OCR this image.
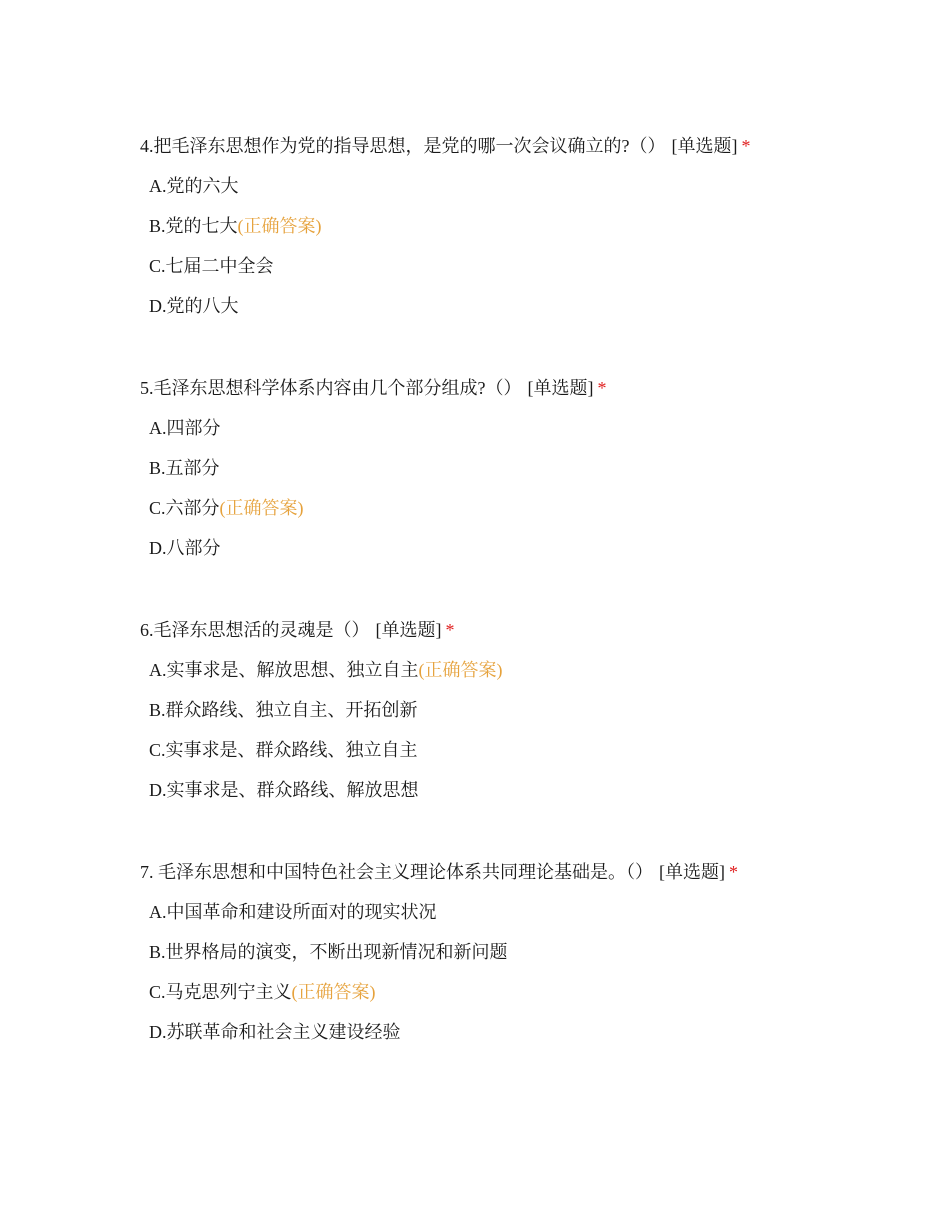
4.把毛泽东思想作为党的指导思想，是党的哪一次会议确立的?（） [单选题] *
A.党的六大
B.党的七大(正确答案)
C.七届二中全会
D.党的八大
5.毛泽东思想科学体系内容由几个部分组成?（） [单选题] *
A.四部分
B.五部分
C.六部分(正确答案)
D.八部分
6.毛泽东思想活的灵魂是（） [单选题] *
A.实事求是、解放思想、独立自主(正确答案)
B.群众路线、独立自主、开拓创新
C.实事求是、群众路线、独立自主
D.实事求是、群众路线、解放思想
7. 毛泽东思想和中国特色社会主义理论体系共同理论基础是。（） [单选题] *
A.中国革命和建设所面对的现实状况
B.世界格局的演变，不断出现新情况和新问题
C.马克思列宁主义(正确答案)
D.苏联革命和社会主义建设经验
